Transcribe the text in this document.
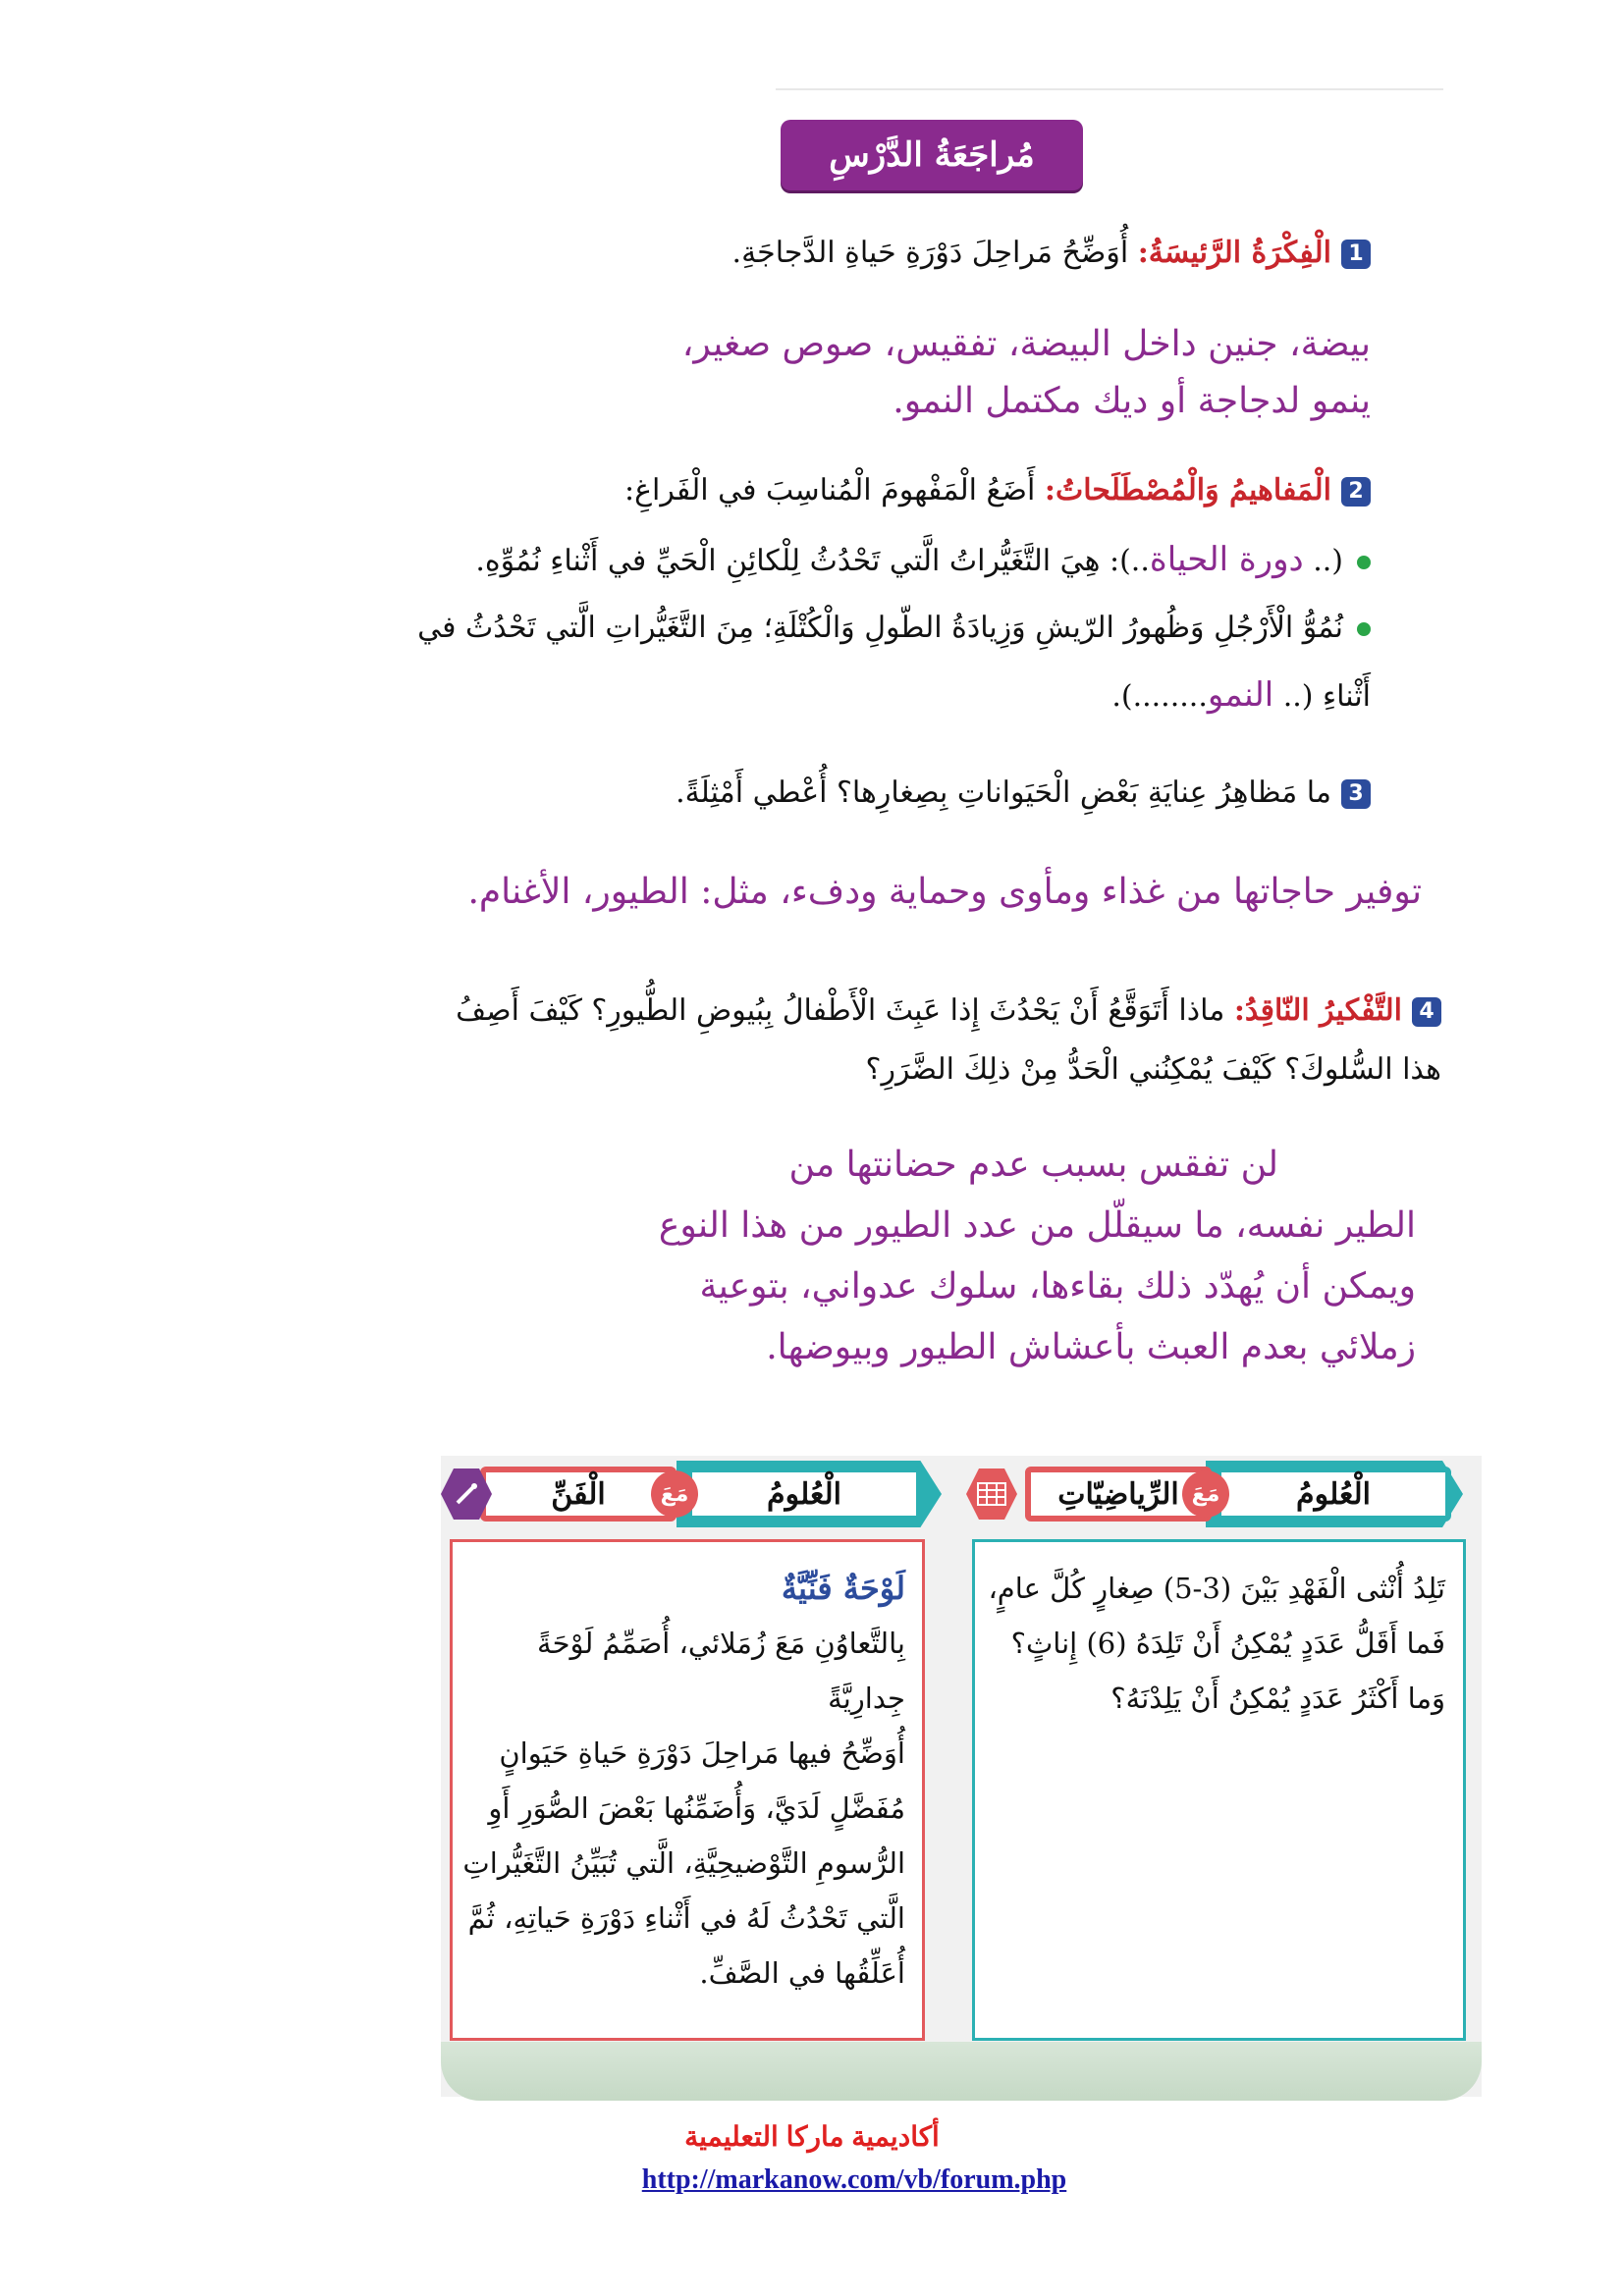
مُراجَعَةُ الدَّرْسِ
1الْفِكْرَةُ الرَّئيسَةُ: أُوَضِّحُ مَراحِلَ دَوْرَةِ حَياةِ الدَّجاجَةِ.
بيضة، جنين داخل البيضة، تفقيس، صوص صغير،
ينمو لدجاجة أو ديك مكتمل النمو.
2الْمَفاهيمُ وَالْمُصْطَلَحاتُ: أَضَعُ الْمَفْهومَ الْمُناسِبَ في الْفَراغِ:
(.. دورة الحياة..): هِيَ التَّغَيُّراتُ الَّتي تَحْدُثُ لِلْكائِنِ الْحَيِّ في أَثْناءِ نُمُوِّهِ.
نُمُوُّ الْأَرْجُلِ وَظُهورُ الرّيشِ وَزِيادَةُ الطّولِ وَالْكُتْلَةِ؛ مِنَ التَّغَيُّراتِ الَّتي تَحْدُثُ في
أَثْناءِ (.. النمو........).
3ما مَظاهِرُ عِنايَةِ بَعْضِ الْحَيَواناتِ بِصِغارِها؟ أُعْطي أَمْثِلَةً.
توفير حاجاتها من غذاء ومأوى وحماية ودفء، مثل: الطيور، الأغنام.
4التَّفْكيرُ النّاقِدُ: ماذا أَتَوَقَّعُ أَنْ يَحْدُثَ إِذا عَبِثَ الْأَطْفالُ بِبُيوضِ الطُّيورِ؟ كَيْفَ أَصِفُ
هذا السُّلوكَ؟ كَيْفَ يُمْكِنُني الْحَدُّ مِنْ ذلِكَ الضَّرَرِ؟
لن تفقس بسبب عدم حضانتها من
الطير نفسه، ما سيقلّل من عدد الطيور من هذا النوع
ويمكن أن يُهدّد ذلك بقاءها، سلوك عدواني، بتوعية
زملائي بعدم العبث بأعشاش الطيور وبيوضها.
الْعُلومُ
الرِّياضِيّاتِ مَعَ
الْعُلومُ
الْفَنِّ	مَعَ
تَلِدُ أُنْثى الْفَهْدِ بَيْنَ (3-5) صِغارٍ كُلَّ عامٍ،
فَما أَقَلُّ عَدَدٍ يُمْكِنُ أَنْ تَلِدَهُ (6) إِناثٍ؟
وَما أَكْثَرُ عَدَدٍ يُمْكِنُ أَنْ يَلِدْنَهُ؟
لَوْحَةٌ فَنِّيَّةٌ
بِالتَّعاوُنِ مَعَ زُمَلائي، أُصَمِّمُ لَوْحَةً جِدارِيَّةً
أُوَضِّحُ فيها مَراحِلَ دَوْرَةِ حَياةِ حَيَوانٍ
مُفَضَّلٍ لَدَيَّ، وَأُضَمِّنُها بَعْضَ الصُّوَرِ أَوِ
الرُّسومِ التَّوْضيحِيَّةِ، الَّتي تُبَيِّنُ التَّغَيُّراتِ
الَّتي تَحْدُثُ لَهُ في أَثْناءِ دَوْرَةِ حَياتِهِ، ثُمَّ
أُعَلِّقُها في الصَّفِّ.
أكاديمية ماركا التعليمية
http://markanow.com/vb/forum.php
